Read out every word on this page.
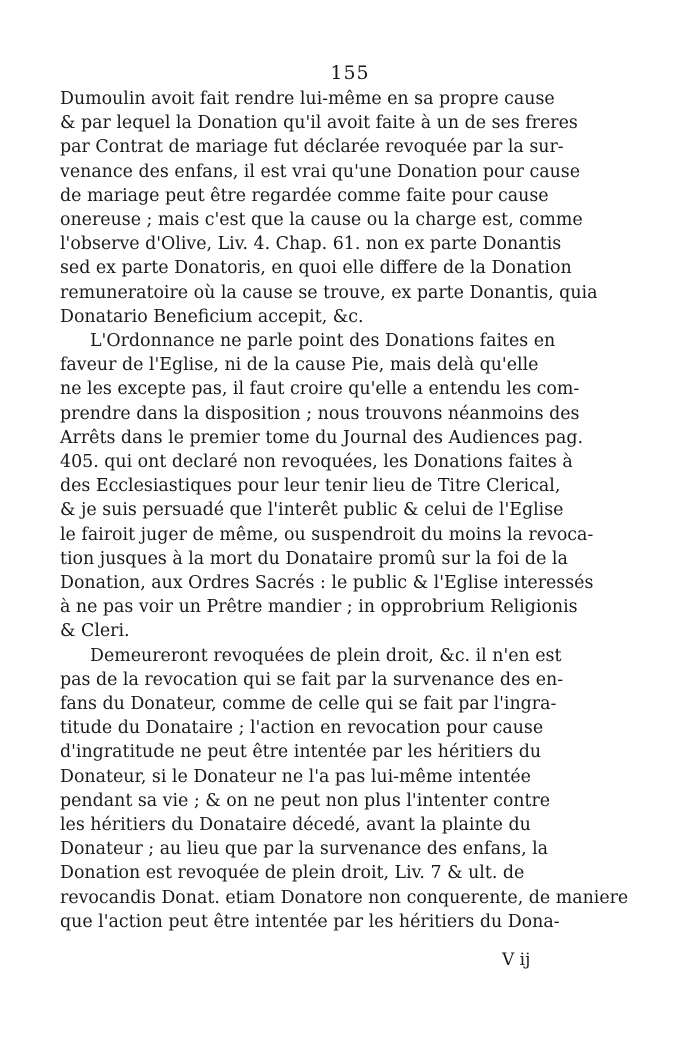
155
Dumoulin avoit fait rendre lui-même en sa propre cause
& par lequel la Donation qu'il avoit faite à un de ses freres
par Contrat de mariage fut déclarée revoquée par la sur-
venance des enfans, il est vrai qu'une Donation pour cause
de mariage peut être regardée comme faite pour cause
onereuse ; mais c'est que la cause ou la charge est, comme
l'observe d'Olive, Liv. 4. Chap. 61. non ex parte Donantis
sed ex parte Donatoris, en quoi elle differe de la Donation
remuneratoire où la cause se trouve, ex parte Donantis, quia
Donatario Beneficium accepit, &c.
L'Ordonnance ne parle point des Donations faites en
faveur de l'Eglise, ni de la cause Pie, mais delà qu'elle
ne les excepte pas, il faut croire qu'elle a entendu les com-
prendre dans la disposition ; nous trouvons néanmoins des
Arrêts dans le premier tome du Journal des Audiences pag.
405. qui ont declaré non revoquées, les Donations faites à
des Ecclesiastiques pour leur tenir lieu de Titre Clerical,
& je suis persuadé que l'interêt public & celui de l'Eglise
le fairoit juger de même, ou suspendroit du moins la revoca-
tion jusques à la mort du Donataire promû sur la foi de la
Donation, aux Ordres Sacrés : le public & l'Eglise interessés
à ne pas voir un Prêtre mandier ; in opprobrium Religionis
& Cleri.
Demeureront revoquées de plein droit, &c. il n'en est
pas de la revocation qui se fait par la survenance des en-
fans du Donateur, comme de celle qui se fait par l'ingra-
titude du Donataire ; l'action en revocation pour cause
d'ingratitude ne peut être intentée par les héritiers du
Donateur, si le Donateur ne l'a pas lui-même intentée
pendant sa vie ; & on ne peut non plus l'intenter contre
les héritiers du Donataire décedé, avant la plainte du
Donateur ; au lieu que par la survenance des enfans, la
Donation est revoquée de plein droit, Liv. 7 & ult. de
revocandis Donat. etiam Donatore non conquerente, de maniere
que l'action peut être intentée par les héritiers du Dona-
V ij
